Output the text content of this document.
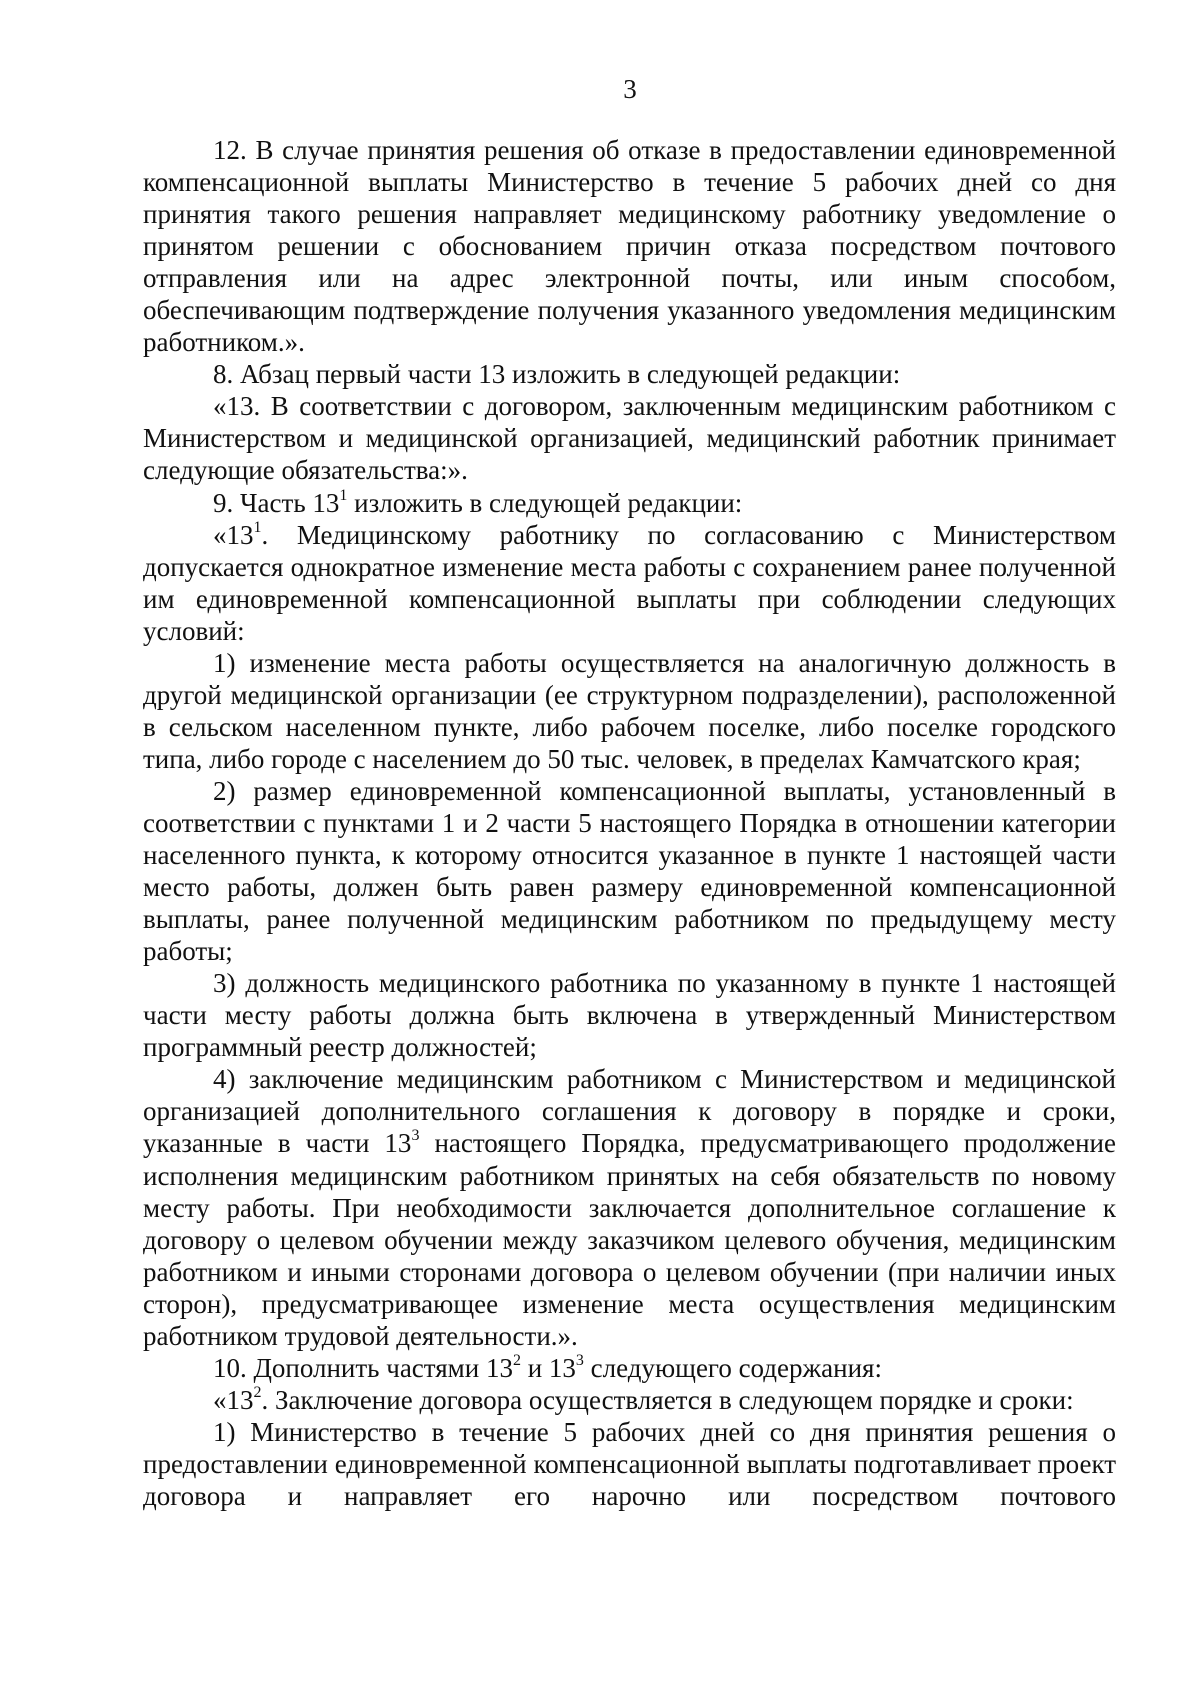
3

12. В случае принятия решения об отказе в предоставлении единовременной компенсационной выплаты Министерство в течение 5 рабочих дней со дня принятия такого решения направляет медицинскому работнику уведомление о принятом решении с обоснованием причин отказа посредством почтового отправления или на адрес электронной почты, или иным способом, обеспечивающим подтверждение получения указанного уведомления медицинским работником.».

8. Абзац первый части 13 изложить в следующей редакции:

«13. В соответствии с договором, заключенным медицинским работником с Министерством и медицинской организацией, медицинский работник принимает следующие обязательства:».

9. Часть $13^1$ изложить в следующей редакции:

«$13^1$. Медицинскому работнику по согласованию с Министерством допускается однократное изменение места работы с сохранением ранее полученной им единовременной компенсационной выплаты при соблюдении следующих условий:

1) изменение места работы осуществляется на аналогичную должность в другой медицинской организации (ее структурном подразделении), расположенной в сельском населенном пункте, либо рабочем поселке, либо поселке городского типа, либо городе с населением до 50 тыс. человек, в пределах Камчатского края;

2) размер единовременной компенсационной выплаты, установленный в соответствии с пунктами 1 и 2 части 5 настоящего Порядка в отношении категории населенного пункта, к которому относится указанное в пункте 1 настоящей части место работы, должен быть равен размеру единовременной компенсационной выплаты, ранее полученной медицинским работником по предыдущему месту работы;

3) должность медицинского работника по указанному в пункте 1 настоящей части месту работы должна быть включена в утвержденный Министерством программный реестр должностей;

4) заключение медицинским работником с Министерством и медицинской организацией дополнительного соглашения к договору в порядке и сроки, указанные в части $13^3$ настоящего Порядка, предусматривающего продолжение исполнения медицинским работником принятых на себя обязательств по новому месту работы. При необходимости заключается дополнительное соглашение к договору о целевом обучении между заказчиком целевого обучения, медицинским работником и иными сторонами договора о целевом обучении (при наличии иных сторон), предусматривающее изменение места осуществления медицинским работником трудовой деятельности.».

10. Дополнить частями $13^2$ и $13^3$ следующего содержания:

«$13^2$. Заключение договора осуществляется в следующем порядке и сроки:

1) Министерство в течение 5 рабочих дней со дня принятия решения о предоставлении единовременной компенсационной выплаты подготавливает проект договора и направляет его нарочно или посредством почтового
